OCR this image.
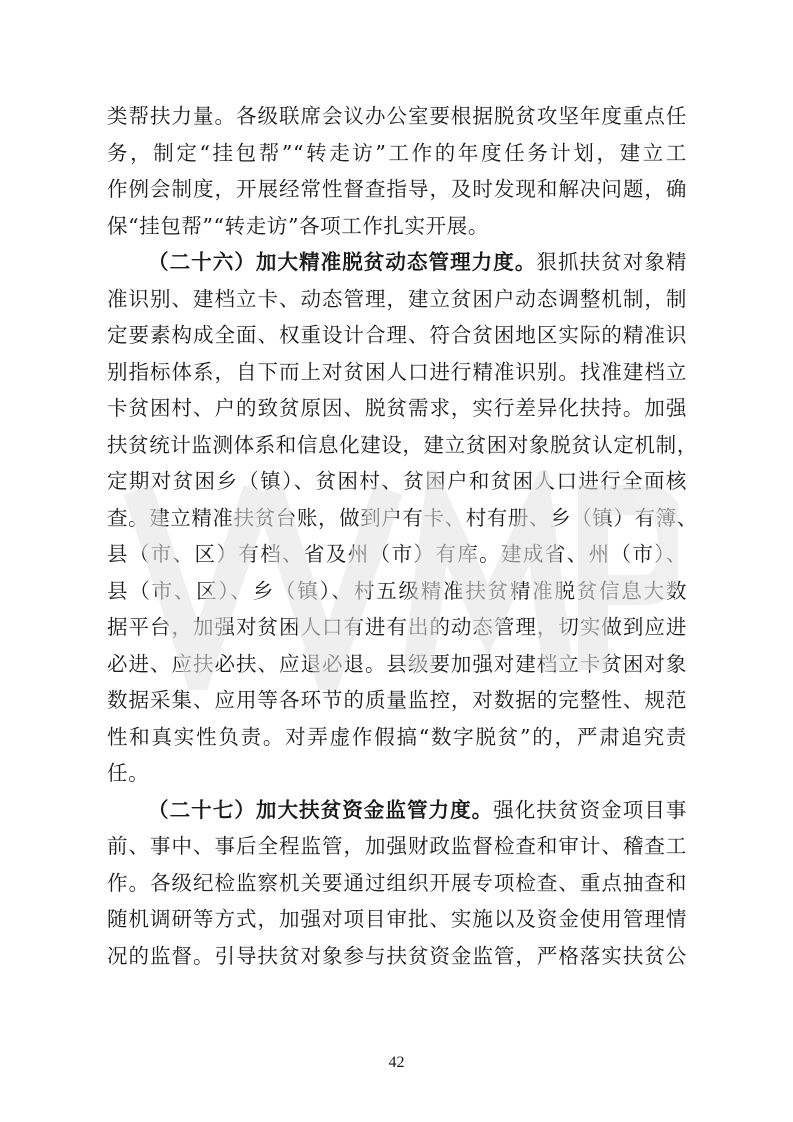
类帮扶力量。各级联席会议办公室要根据脱贫攻坚年度重点任
务，制定“挂包帮”“转走访”工作的年度任务计划，建立工
作例会制度，开展经常性督查指导，及时发现和解决问题，确
保“挂包帮”“转走访”各项工作扎实开展。
（二十六）加大精准脱贫动态管理力度。狠抓扶贫对象精
准识别、建档立卡、动态管理，建立贫困户动态调整机制，制
定要素构成全面、权重设计合理、符合贫困地区实际的精准识
别指标体系，自下而上对贫困人口进行精准识别。找准建档立
卡贫困村、户的致贫原因、脱贫需求，实行差异化扶持。加强
扶贫统计监测体系和信息化建设，建立贫困对象脱贫认定机制，
定期对贫困乡（镇）、贫困村、贫困户和贫困人口进行全面核
查。建立精准扶贫台账，做到户有卡、村有册、乡（镇）有簿、
县（市、区）有档、省及州（市）有库。建成省、州（市）、
县（市、区）、乡（镇）、村五级精准扶贫精准脱贫信息大数
据平台，加强对贫困人口有进有出的动态管理，切实做到应进
必进、应扶必扶、应退必退。县级要加强对建档立卡贫困对象
数据采集、应用等各环节的质量监控，对数据的完整性、规范
性和真实性负责。对弄虚作假搞“数字脱贫”的，严肃追究责
任。
（二十七）加大扶贫资金监管力度。强化扶贫资金项目事
前、事中、事后全程监管，加强财政监督检查和审计、稽查工
作。各级纪检监察机关要通过组织开展专项检查、重点抽查和
随机调研等方式，加强对项目审批、实施以及资金使用管理情
况的监督。引导扶贫对象参与扶贫资金监管，严格落实扶贫公
42
